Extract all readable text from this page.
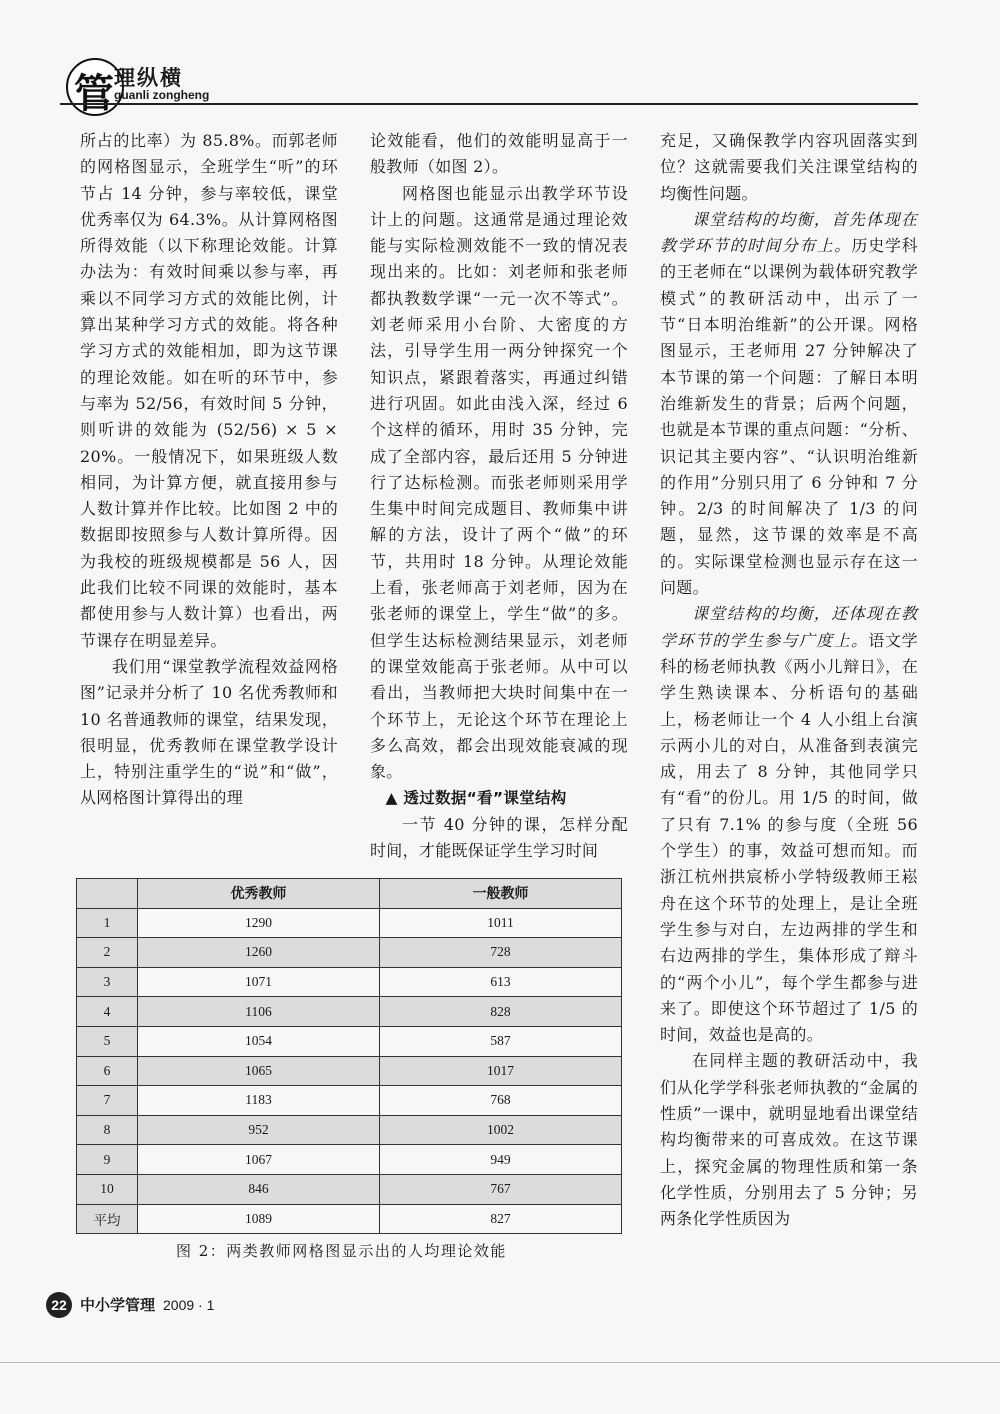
管 理纵横
guanli zongheng

所占的比率）为 85.8%。而郭老师的网格图显示，全班学生“听”的环节占 14 分钟，参与率较低，课堂优秀率仅为 64.3%。从计算网格图所得效能（以下称理论效能。计算办法为：有效时间乘以参与率，再乘以不同学习方式的效能比例，计算出某种学习方式的效能。将各种学习方式的效能相加，即为这节课的理论效能。如在听的环节中，参与率为 52/56，有效时间 5 分钟，则听讲的效能为 (52/56) × 5 × 20%。一般情况下，如果班级人数相同，为计算方便，就直接用参与人数计算并作比较。比如图 2 中的数据即按照参与人数计算所得。因为我校的班级规模都是 56 人，因此我们比较不同课的效能时，基本都使用参与人数计算）也看出，两节课存在明显差异。

我们用“课堂教学流程效益网格图”记录并分析了 10 名优秀教师和 10 名普通教师的课堂，结果发现，很明显，优秀教师在课堂教学设计上，特别注重学生的“说”和“做”，从网格图计算得出的理

论效能看，他们的效能明显高于一般教师（如图 2）。

网格图也能显示出教学环节设计上的问题。这通常是通过理论效能与实际检测效能不一致的情况表现出来的。比如：刘老师和张老师都执教数学课“一元一次不等式”。刘老师采用小台阶、大密度的方法，引导学生用一两分钟探究一个知识点，紧跟着落实，再通过纠错进行巩固。如此由浅入深，经过 6 个这样的循环，用时 35 分钟，完成了全部内容，最后还用 5 分钟进行了达标检测。而张老师则采用学生集中时间完成题目、教师集中讲解的方法，设计了两个“做”的环节，共用时 18 分钟。从理论效能上看，张老师高于刘老师，因为在张老师的课堂上，学生“做”的多。但学生达标检测结果显示，刘老师的课堂效能高于张老师。从中可以看出，当教师把大块时间集中在一个环节上，无论这个环节在理论上多么高效，都会出现效能衰减的现象。

▲ 透过数据“看”课堂结构

一节 40 分钟的课，怎样分配时间，才能既保证学生学习时间

充足，又确保教学内容巩固落实到位？这就需要我们关注课堂结构的均衡性问题。

课堂结构的均衡，首先体现在教学环节的时间分布上。历史学科的王老师在“以课例为载体研究教学模式”的教研活动中，出示了一节“日本明治维新”的公开课。网格图显示，王老师用 27 分钟解决了本节课的第一个问题：了解日本明治维新发生的背景；后两个问题，也就是本节课的重点问题：“分析、识记其主要内容”、“认识明治维新的作用”分别只用了 6 分钟和 7 分钟。2/3 的时间解决了 1/3 的问题，显然，这节课的效率是不高的。实际课堂检测也显示存在这一问题。

课堂结构的均衡，还体现在教学环节的学生参与广度上。语文学科的杨老师执教《两小儿辩日》，在学生熟读课本、分析语句的基础上，杨老师让一个 4 人小组上台演示两小儿的对白，从准备到表演完成，用去了 8 分钟，其他同学只有“看”的份儿。用 1/5 的时间，做了只有 7.1% 的参与度（全班 56 个学生）的事，效益可想而知。而浙江杭州拱宸桥小学特级教师王崧舟在这个环节的处理上，是让全班学生参与对白，左边两排的学生和右边两排的学生，集体形成了辩斗的“两个小儿”，每个学生都参与进来了。即使这个环节超过了 1/5 的时间，效益也是高的。

在同样主题的教研活动中，我们从化学学科张老师执教的“金属的性质”一课中，就明显地看出课堂结构均衡带来的可喜成效。在这节课上，探究金属的物理性质和第一条化学性质，分别用去了 5 分钟；另两条化学性质因为

	优秀教师	一般教师
1	1290	1011
2	1260	728
3	1071	613
4	1106	828
5	1054	587
6	1065	1017
7	1183	768
8	952	1002
9	1067	949
10	846	767
平均	1089	827
图 2：两类教师网格图显示出的人均理论效能
22 中小学管理 2009 · 1
